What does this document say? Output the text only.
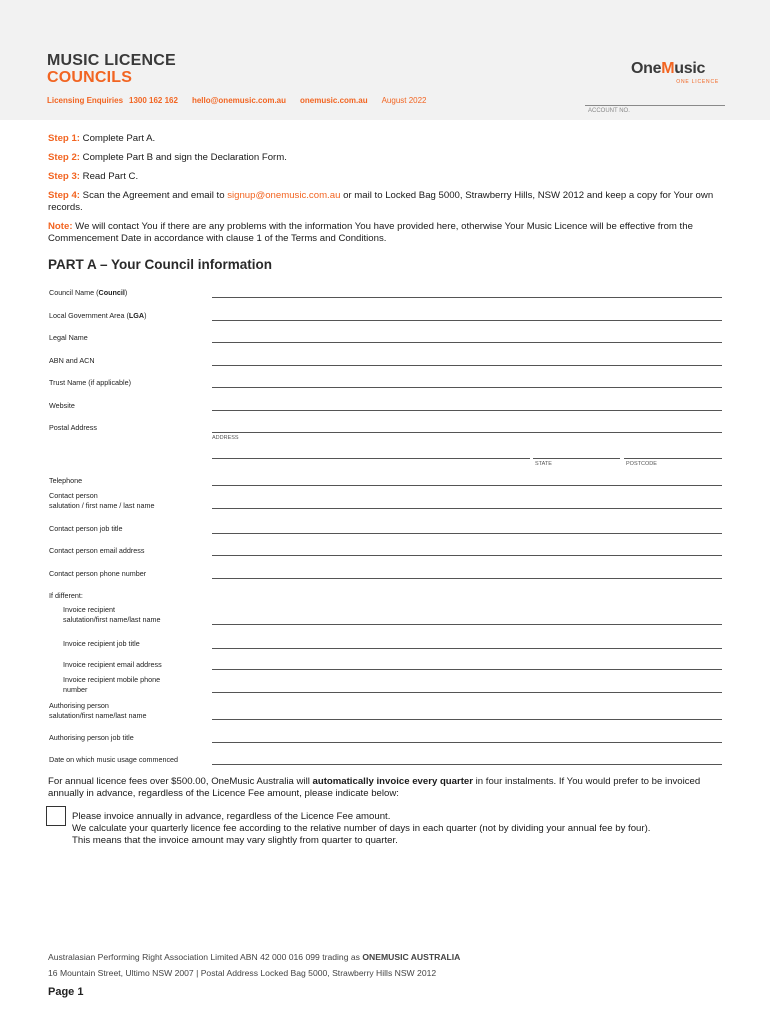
MUSIC LICENCE
COUNCILS
Licensing Enquiries 1300 162 162 hello@onemusic.com.au onemusic.com.au August 2022
OneMusic
ONE LICENCE
ACCOUNT NO.
Step 1: Complete Part A.
Step 2: Complete Part B and sign the Declaration Form.
Step 3: Read Part C.
Step 4: Scan the Agreement and email to signup@onemusic.com.au or mail to Locked Bag 5000, Strawberry Hills, NSW 2012 and keep a copy for Your own records.
Note: We will contact You if there are any problems with the information You have provided here, otherwise Your Music Licence will be effective from the Commencement Date in accordance with clause 1 of the Terms and Conditions.
PART A – Your Council information
Council Name (Council)
Local Government Area (LGA)
Legal Name
ABN and ACN
Trust Name (if applicable)
Website
Postal Address
ADDRESS
STATE	POSTCODE
Telephone
Contact person
salutation / first name / last name
Contact person job title
Contact person email address
Contact person phone number
If different:
Invoice recipient
salutation/first name/last name
Invoice recipient job title
Invoice recipient email address
Invoice recipient mobile phone
number
Authorising person
salutation/first name/last name
Authorising person job title
Date on which music usage commenced
For annual licence fees over $500.00, OneMusic Australia will automatically invoice every quarter in four instalments. If You would prefer to be invoiced annually in advance, regardless of the Licence Fee amount, please indicate below:
Please invoice annually in advance, regardless of the Licence Fee amount.
We calculate your quarterly licence fee according to the relative number of days in each quarter (not by dividing your annual fee by four).
This means that the invoice amount may vary slightly from quarter to quarter.
Australasian Performing Right Association Limited ABN 42 000 016 099 trading as ONEMUSIC AUSTRALIA
16 Mountain Street, Ultimo NSW 2007 | Postal Address Locked Bag 5000, Strawberry Hills NSW 2012
Page 1
